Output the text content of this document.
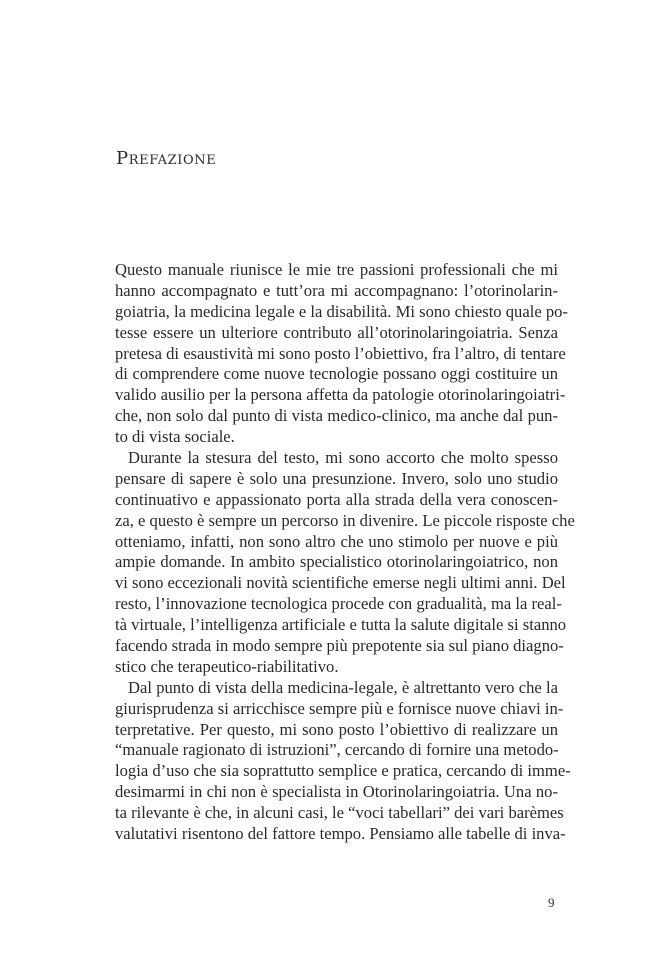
Prefazione
Questo manuale riunisce le mie tre passioni professionali che mi
hanno accompagnato e tutt’ora mi accompagnano: l’otorinolarin-
goiatria, la medicina legale e la disabilità. Mi sono chiesto quale po-
tesse essere un ulteriore contributo all’otorinolaringoiatria. Senza
pretesa di esaustività mi sono posto l’obiettivo, fra l’altro, di tentare
di comprendere come nuove tecnologie possano oggi costituire un
valido ausilio per la persona affetta da patologie otorinolaringoiatri-
che, non solo dal punto di vista medico-clinico, ma anche dal pun-
to di vista sociale.
Durante la stesura del testo, mi sono accorto che molto spesso
pensare di sapere è solo una presunzione. Invero, solo uno studio
continuativo e appassionato porta alla strada della vera conoscen-
za, e questo è sempre un percorso in divenire. Le piccole risposte che
otteniamo, infatti, non sono altro che uno stimolo per nuove e più
ampie domande. In ambito specialistico otorinolaringoiatrico, non
vi sono eccezionali novità scientifiche emerse negli ultimi anni. Del
resto, l’innovazione tecnologica procede con gradualità, ma la real-
tà virtuale, l’intelligenza artificiale e tutta la salute digitale si stanno
facendo strada in modo sempre più prepotente sia sul piano diagno-
stico che terapeutico-riabilitativo.
Dal punto di vista della medicina-legale, è altrettanto vero che la
giurisprudenza si arricchisce sempre più e fornisce nuove chiavi in-
terpretative. Per questo, mi sono posto l’obiettivo di realizzare un
“manuale ragionato di istruzioni”, cercando di fornire una metodo-
logia d’uso che sia soprattutto semplice e pratica, cercando di imme-
desimarmi in chi non è specialista in Otorinolaringoiatria. Una no-
ta rilevante è che, in alcuni casi, le “voci tabellari” dei vari barèmes
valutativi risentono del fattore tempo. Pensiamo alle tabelle di inva-
9
